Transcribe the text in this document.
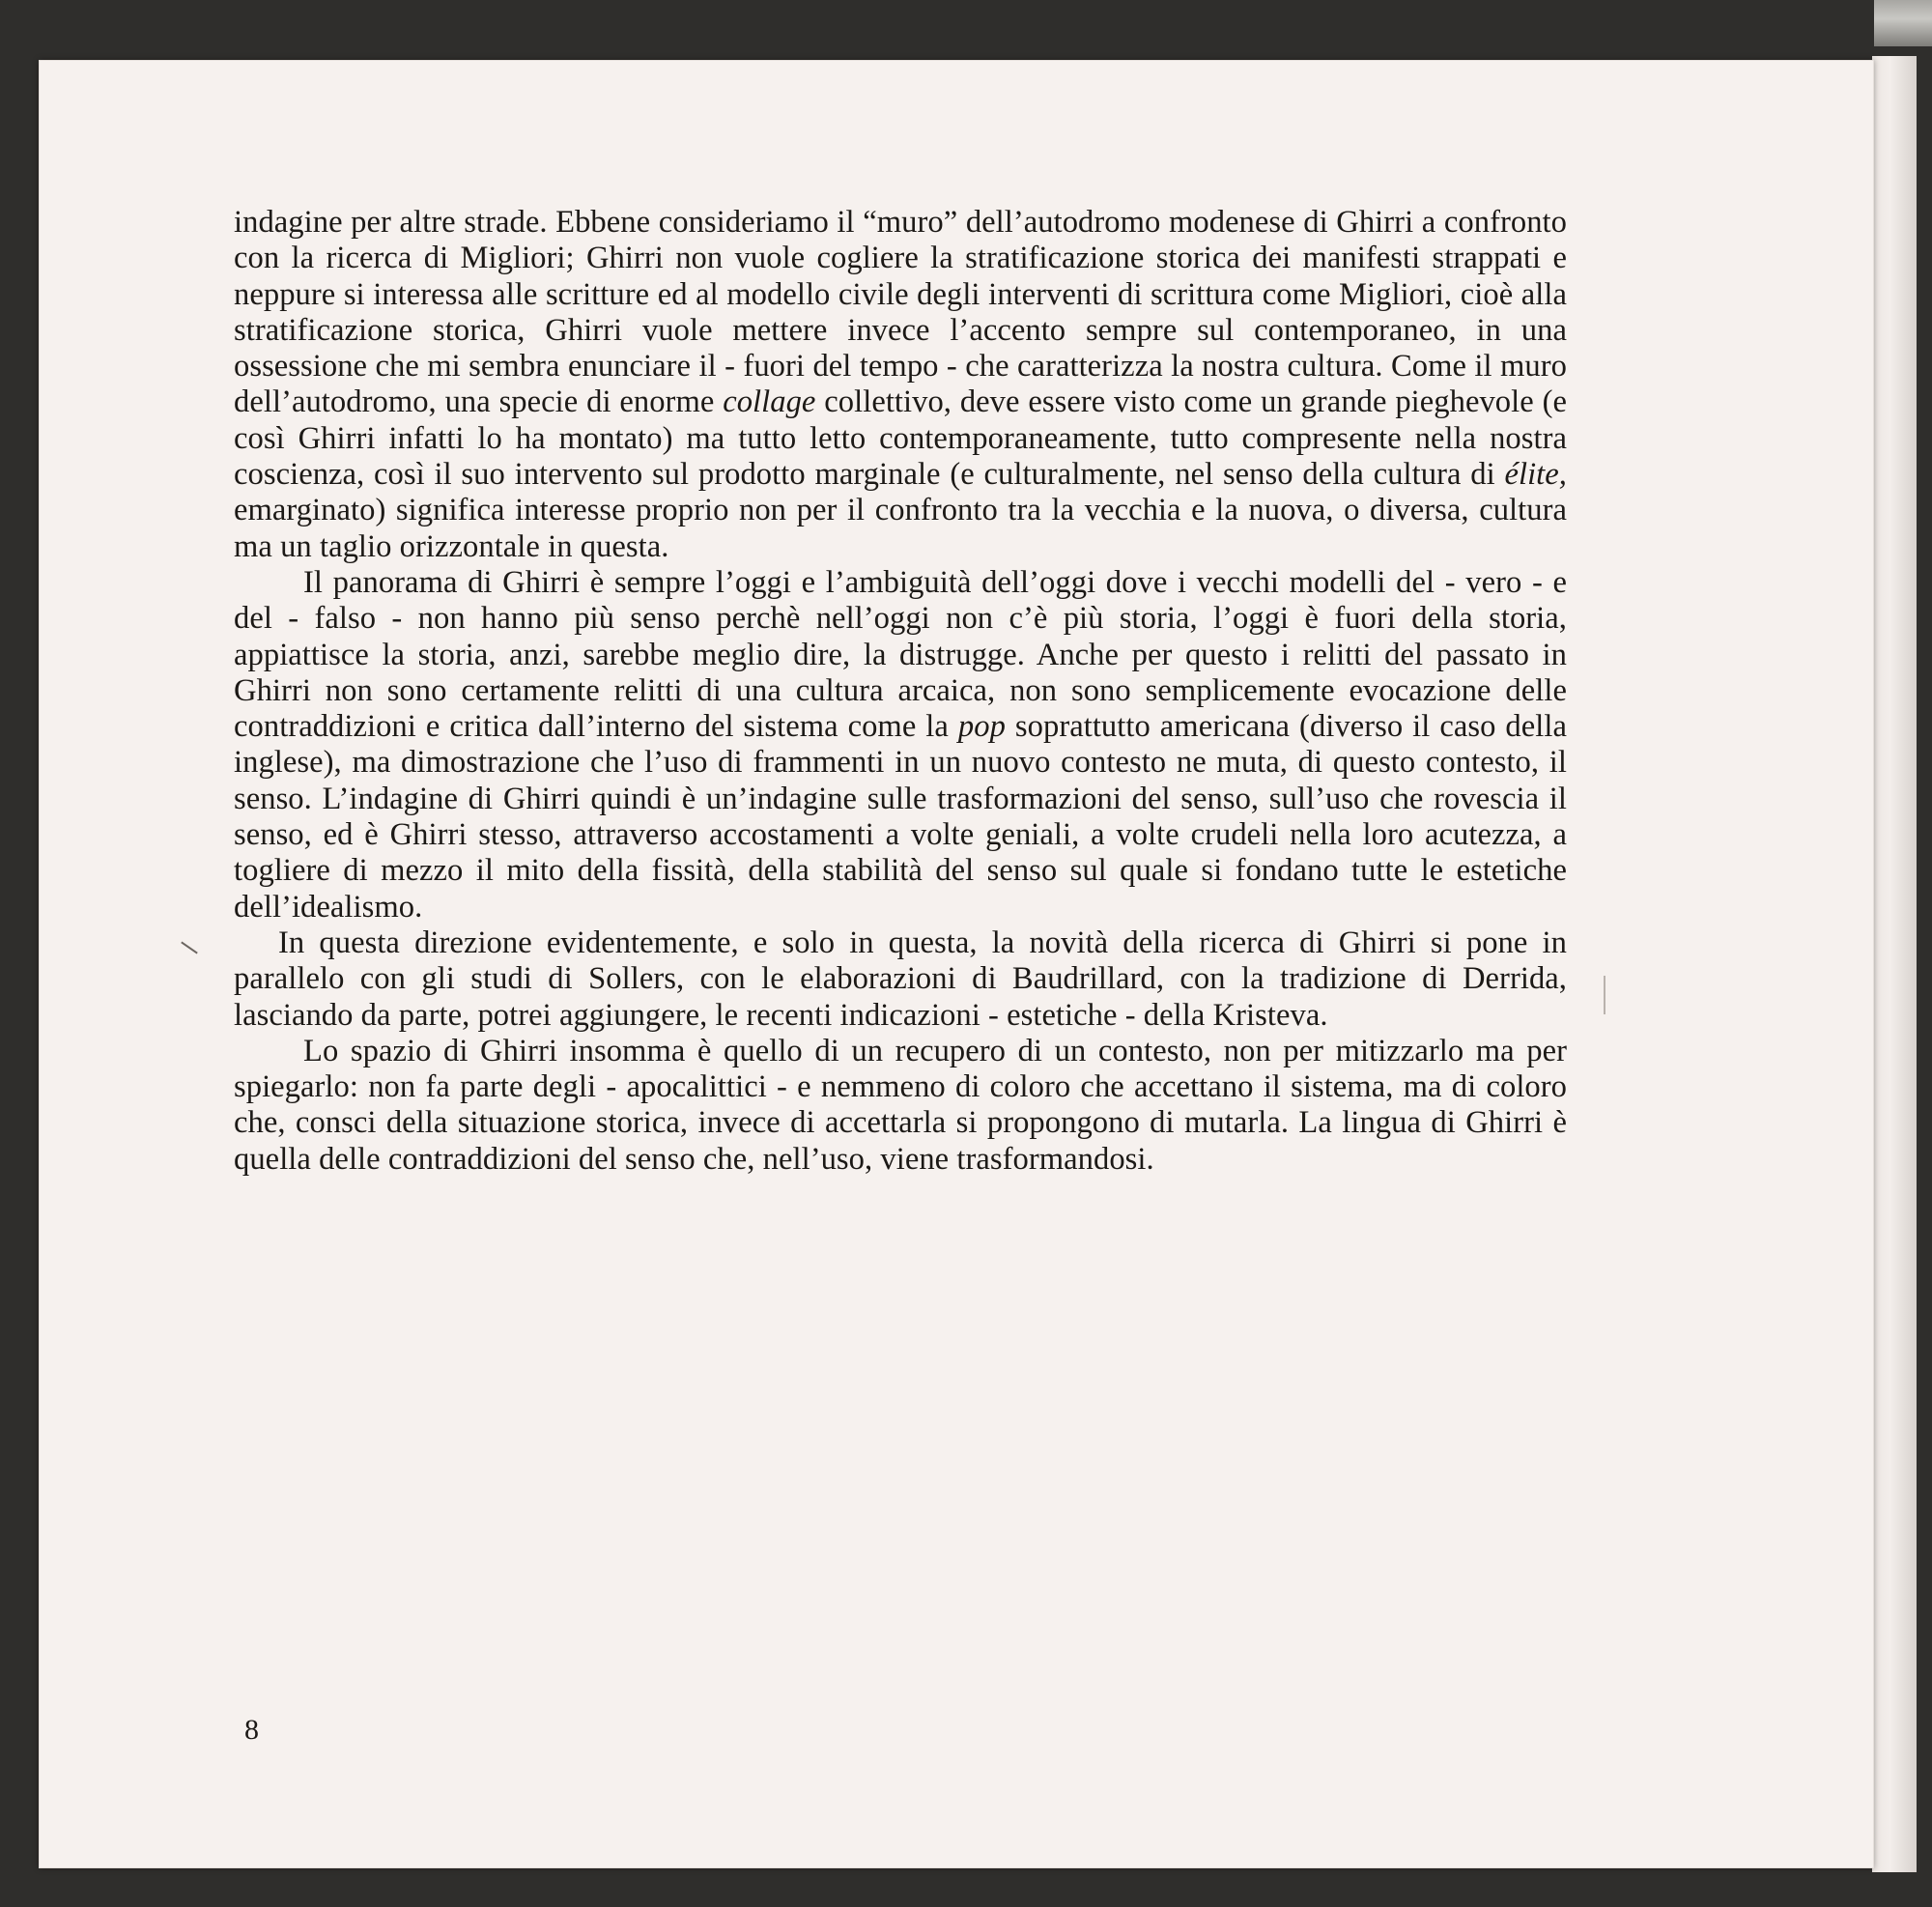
indagine per altre strade. Ebbene consideriamo il “muro” dell’autodromo modenese di Ghirri a confronto con la ricerca di Migliori; Ghirri non vuole cogliere la stratificazione storica dei manifesti strappati e neppure si interessa alle scritture ed al modello civile degli interventi di scrittura come Migliori, cioè alla stratificazione storica, Ghirri vuole mettere invece l’accento sempre sul contemporaneo, in una ossessione che mi sembra enunciare il - fuori del tempo - che caratterizza la nostra cultura. Come il muro dell’autodromo, una specie di enorme collage collettivo, deve essere visto come un grande pieghevole (e così Ghirri infatti lo ha montato) ma tutto letto contemporaneamente, tutto compresente nella nostra coscienza, così il suo intervento sul prodotto marginale (e culturalmente, nel senso della cultura di élite, emarginato) significa interesse proprio non per il confronto tra la vecchia e la nuova, o diversa, cultura ma un taglio orizzontale in questa.

Il panorama di Ghirri è sempre l’oggi e l’ambiguità dell’oggi dove i vecchi modelli del - vero - e del - falso - non hanno più senso perchè nell’oggi non c’è più storia, l’oggi è fuori della storia, appiattisce la storia, anzi, sarebbe meglio dire, la distrugge. Anche per questo i relitti del passato in Ghirri non sono certamente relitti di una cultura arcaica, non sono semplicemente evocazione delle contraddizioni e critica dall’interno del sistema come la pop soprattutto americana (diverso il caso della inglese), ma dimostrazione che l’uso di frammenti in un nuovo contesto ne muta, di questo contesto, il senso. L’indagine di Ghirri quindi è un’indagine sulle trasformazioni del senso, sull’uso che rovescia il senso, ed è Ghirri stesso, attraverso accostamenti a volte geniali, a volte crudeli nella loro acutezza, a togliere di mezzo il mito della fissità, della stabilità del senso sul quale si fondano tutte le estetiche dell’idealismo.

In questa direzione evidentemente, e solo in questa, la novità della ricerca di Ghirri si pone in parallelo con gli studi di Sollers, con le elaborazioni di Baudrillard, con la tradizione di Derrida, lasciando da parte, potrei aggiungere, le recenti indicazioni - estetiche - della Kristeva.

Lo spazio di Ghirri insomma è quello di un recupero di un contesto, non per mitizzarlo ma per spiegarlo: non fa parte degli - apocalittici - e nemmeno di coloro che accettano il sistema, ma di coloro che, consci della situazione storica, invece di accettarla si propongono di mutarla. La lingua di Ghirri è quella delle contraddizioni del senso che, nell’uso, viene trasformandosi.

8
